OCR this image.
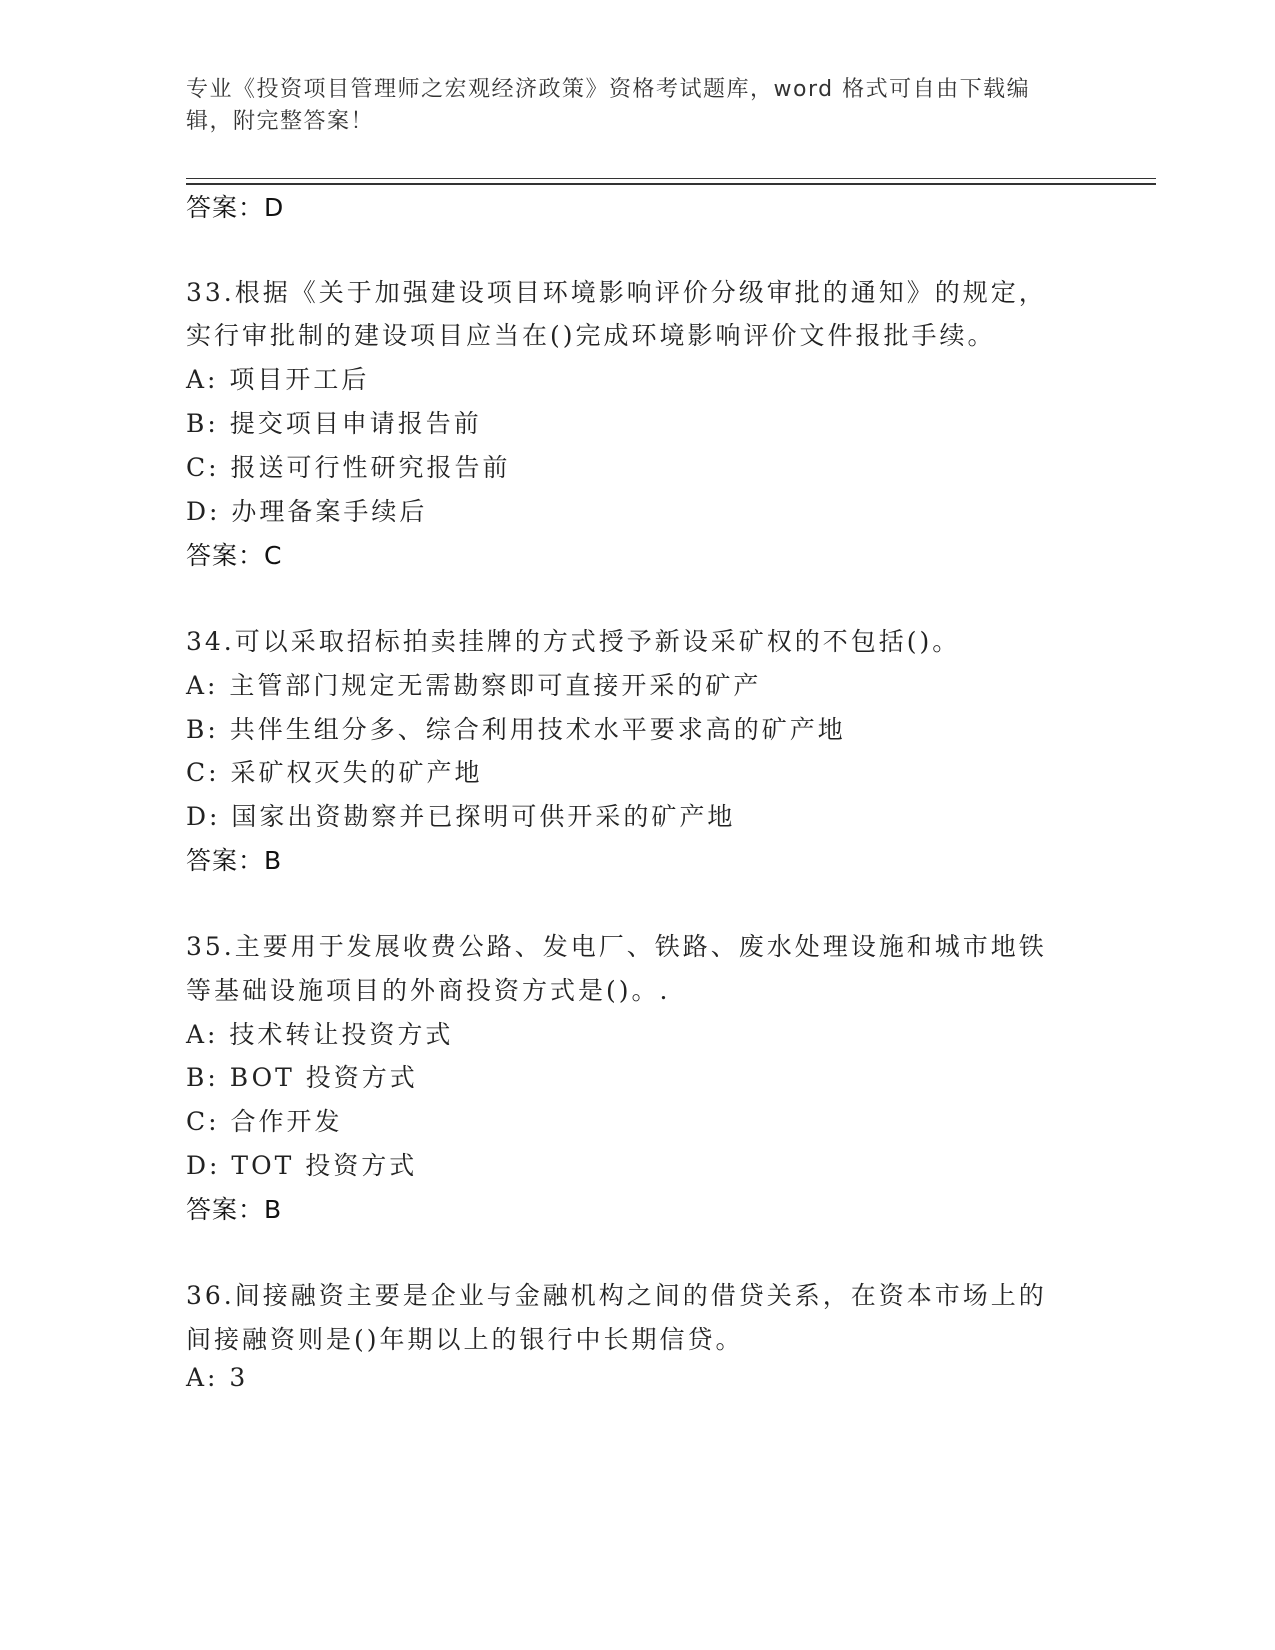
专业《投资项目管理师之宏观经济政策》资格考试题库，word 格式可自由下载编
辑，附完整答案！
答案：D
33.根据《关于加强建设项目环境影响评价分级审批的通知》的规定，
实行审批制的建设项目应当在()完成环境影响评价文件报批手续。
A: 项目开工后
B: 提交项目申请报告前
C: 报送可行性研究报告前
D: 办理备案手续后
答案：C
34.可以采取招标拍卖挂牌的方式授予新设采矿权的不包括()。
A: 主管部门规定无需勘察即可直接开采的矿产
B: 共伴生组分多、综合利用技术水平要求高的矿产地
C: 采矿权灭失的矿产地
D: 国家出资勘察并已探明可供开采的矿产地
答案：B
35.主要用于发展收费公路、发电厂、铁路、废水处理设施和城市地铁
等基础设施项目的外商投资方式是()。.
A: 技术转让投资方式
B: BOT 投资方式
C: 合作开发
D: TOT 投资方式
答案：B
36.间接融资主要是企业与金融机构之间的借贷关系，在资本市场上的
间接融资则是()年期以上的银行中长期信贷。
A: 3
